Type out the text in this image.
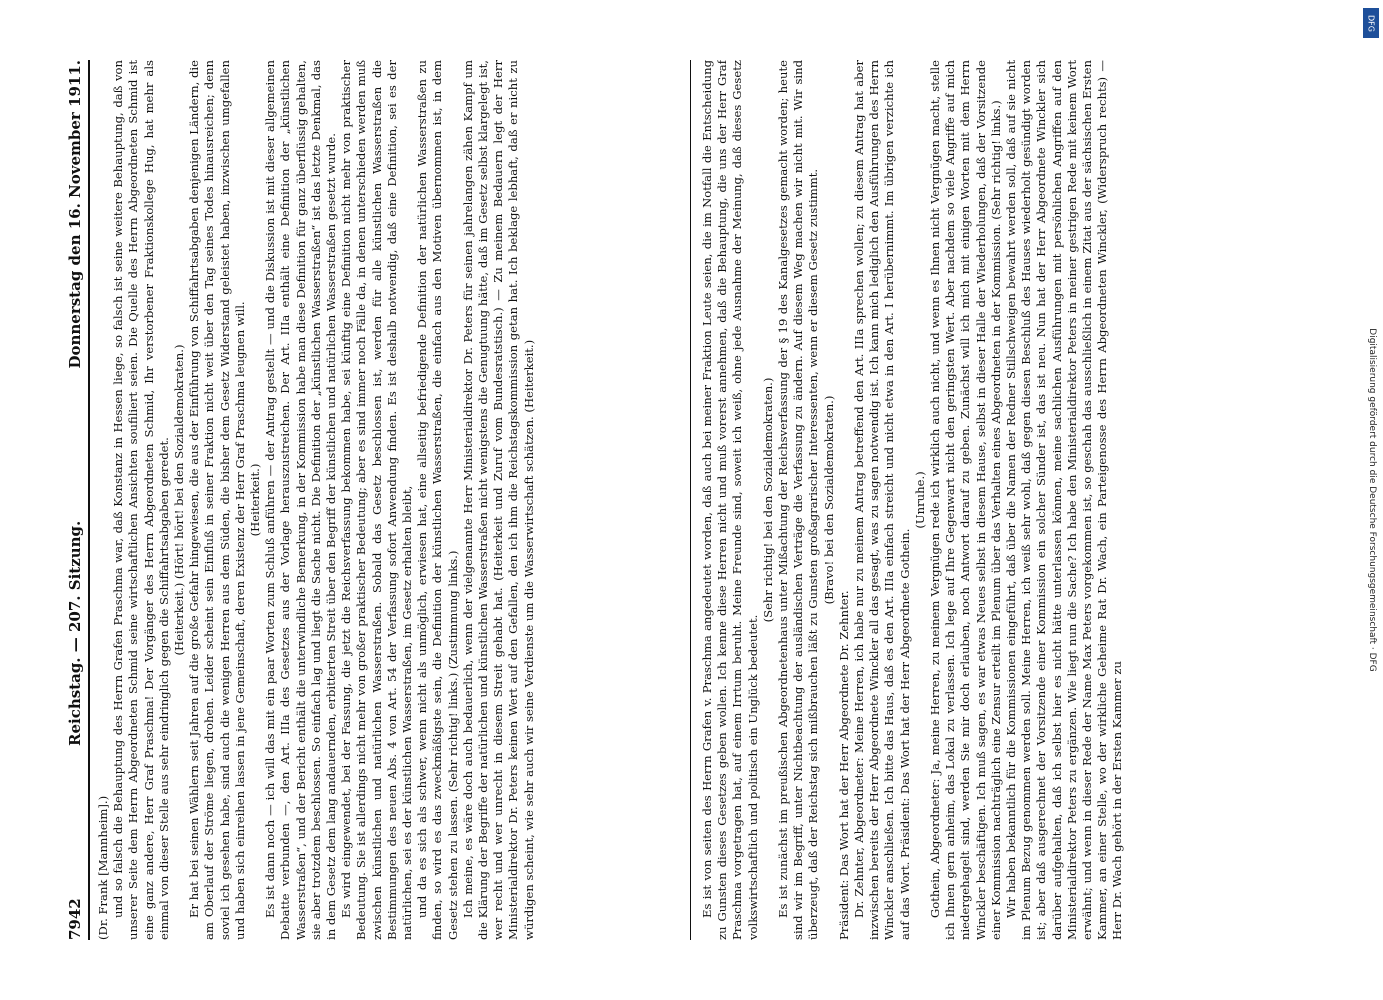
7942
Reichstag. — 207. Sitzung.
Donnerstag den 16. November 1911.

(Dr. Frank [Mannheim].) und so falsch die Behauptung des Herrn Grafen Praschma war, daß Konstanz in Hessen liege, so falsch ist seine weitere Behauptung, daß von unserer Seite dem Herrn Abgeordneten Schmid seine wirtschaftlichen Ansichten soufiliert seien. Die Quelle des Herrn Abgeordneten Schmid ist eine ganz andere, Herr Graf Praschma! Der Vorgänger des Herrn Abgeordneten Schmid, Ihr verstorbener Fraktionskollege Hug, hat mehr als einmal von dieser Stelle aus sehr eindringlich gegen die Schiffahrtsabgaben geredet. (Heiterkeit.) (Hört! hört! bei den Sozialdemokraten.) Er hat bei seinen Wählern seit Jahren auf die große Gefahr hingewiesen, die aus der Einführung von Schiffahrtsabgaben denjenigen Ländern, die am Oberlauf der Ströme liegen, drohen. Leider scheint sein Einfluß in seiner Fraktion nicht weit über den Tag seines Todes hinausreichen; denn soviel ich gesehen habe, sind auch die wenigen Herren aus dem Süden, die bisher dem Gesetz Widerstand geleistet haben, inzwischen umgefallen und haben sich einreihen lassen in jene Gemeinschaft, deren Existenz der Herr Graf Praschma leugnen will. (Heiterkeit.) Es ist dann noch — ich will das mit ein paar Worten zum Schluß anführen — der Antrag gestellt — und die Diskussion ist mit dieser allgemeinen Debatte verbunden —, den Art. IIIa des Gesetzes aus der Vorlage herauszustreichen. Der Art. IIIa enthält eine Definition der „künstlichen Wasserstraßen“, und der Bericht enthält die unterwindliche Bemerkung, in der Kommission habe man diese Definition für ganz überflüssig gehalten, sie aber trotzdem beschlossen. So einfach lag und liegt die Sache nicht. Die Definition der „künstlichen Wasserstraßen“ ist das letzte Denkmal, das in dem Gesetz dem lang andauernden, erbitterten Streit über den Begriff der künstlichen und natürlichen Wasserstraßen gesetzt wurde. Es wird eingewendet, bei der Fassung, die jetzt die Reichsverfassung bekommen habe, sei künftig eine Definition nicht mehr von praktischer Bedeutung. Sie ist allerdings nicht mehr von großer praktischer Bedeutung; aber es sind immer noch Fälle da, in denen unterschieden werden muß zwischen künstlichen und natürlichen Wasserstraßen. Sobald das Gesetz beschlossen ist, werden für alle künstlichen Wasserstraßen die Bestimmungen des neuen Abs. 4 von Art. 54 der Verfassung sofort Anwendung finden. Es ist deshalb notwendig, daß eine Definition, sei es der natürlichen, sei es der künstlichen Wasserstraßen, im Gesetz erhalten bleibt, und da es sich als schwer, wenn nicht als unmöglich, erwiesen hat, eine allseitig befriedigende Definition der natürlichen Wasserstraßen zu finden, so wird es das zweckmäßigste sein, die Definition der künstlichen Wasserstraßen, die einfach aus den Motiven übernommen ist, in dem Gesetz stehen zu lassen. (Sehr richtig! links.) (Zustimmung links.) Ich meine, es wäre doch auch bedauerlich, wenn der vielgenannte Herr Ministerialdirektor Dr. Peters für seinen jahrelangen zähen Kampf um die Klärung der Begriffe der natürlichen und künstlichen Wasserstraßen nicht wenigstens die Genugtuung hätte, daß im Gesetz selbst klargelegt ist, wer recht und wer unrecht in diesem Streit gehabt hat. (Heiterkeit und Zuruf vom Bundesratstisch.) — Zu meinem Bedauern legt der Herr Ministerialdirektor Dr. Peters keinen Wert auf den Gefallen, den ich ihm die Reichstagskommission getan hat. Ich beklage lebhaft, daß er nicht zu würdigen scheint, wie sehr auch wir seine Verdienste um die Wasserwirtschaft schätzen. (Heiterkeit.)	Es ist von seiten des Herrn Grafen v. Praschma angedeutet worden, daß auch bei meiner Fraktion Leute seien, die im Notfall die Entscheidung zu Gunsten dieses Gesetzes geben wollen. Ich kenne diese Herren nicht und muß vorerst annehmen, daß die Behauptung, die uns der Herr Graf Praschma vorgetragen hat, auf einem Irrtum beruht. Meine Freunde sind, soweit ich weiß, ohne jede Ausnahme der Meinung, daß dieses Gesetz volkswirtschaftlich und politisch ein Unglück bedeutet.

(Sehr richtig! bei den Sozialdemokraten.) Es ist zunächst im preußischen Abgeordnetenhaus unter Mißachtung der Reichsverfassung der § 19 des Kanalgesetzes gemacht worden; heute sind wir im Begriff, unter Nichtbeachtung der ausländischen Verträge die Verfassung zu ändern. Auf diesem Weg machen wir nicht mit. Wir sind überzeugt, daß der Reichstag sich mißbrauchen läßt zu Gunsten großagrarischer Interessenten, wenn er diesem Gesetz zustimmt. (Bravo! bei den Sozialdemokraten.)

Präsident: Das Wort hat der Herr Abgeordnete Dr. Zehnter. Dr. Zehnter, Abgeordneter: Meine Herren, ich habe nur zu meinem Antrag betreffend den Art. IIIa sprechen wollen; zu diesem Antrag hat aber inzwischen bereits der Herr Abgeordnete Winckler all das gesagt, was zu sagen notwendig ist. Ich kann mich lediglich den Ausführungen des Herrn Winckler anschließen. Ich bitte das Haus, daß es den Art. IIIa einfach streicht und nicht etwa in den Art. I herübernimmt. Im übrigen verzichte ich auf das Wort. Präsident: Das Wort hat der Herr Abgeordnete Gothein.

(Unruhe.) Gothein, Abgeordneter: Ja, meine Herren, zu meinem Vergnügen rede ich wirklich auch nicht, und wenn es Ihnen nicht Vergnügen macht, stelle ich Ihnen gern anheim, das Lokal zu verlassen. Ich lege auf Ihre Gegenwart nicht den geringsten Wert. Aber nachdem so viele Angriffe auf mich niedergehagelt sind, werden Sie mir doch erlauben, noch Antwort darauf zu geben. Zunächst will ich mich mit einigen Worten mit dem Herrn Winckler beschäftigen. Ich muß sagen, es war etwas Neues selbst in diesem Hause, selbst in dieser Halle der Wiederholungen, daß der Vorsitzende einer Kommission nachträglich eine Zensur erteilt im Plenum über das Verhalten eines Abgeordneten in der Kommission. (Sehr richtig! links.) Wir haben bekanntlich für die Kommissionen eingeführt, daß über die Namen der Redner Stillschweigen bewahrt werden soll, daß auf sie nicht im Plenum Bezug genommen werden soll. Meine Herren, ich weiß sehr wohl, daß gegen diesen Beschluß des Hauses wiederholt gesündigt worden ist; aber daß ausgerechnet der Vorsitzende einer Kommission ein solcher Sünder ist, das ist neu. Nun hat der Herr Abgeordnete Winckler sich darüber aufgehalten, daß ich selbst hier es nicht hätte unterlassen können, meine sachlichen Ausführungen mit persönlichen Angriffen auf den Ministerialdirektor Peters zu ergänzen. Wie liegt nun die Sache? Ich habe den Ministerialdirektor Peters in meiner gestrigen Rede mit keinem Wort erwähnt; und wenn in dieser Rede der Name Max Peters vorgekommen ist, so geschah das ausschließlich in einem Zitat aus der sächsischen Ersten Kammer, an einer Stelle, wo der wirkliche Geheime Rat Dr. Wach, ein Parteigenosse des Herrn Abgeordneten Winckler, (Widerspruch rechts) — Herr Dr. Wach gehört in der Ersten Kammer zu

DFG
Digitalisierung gefördert durch die Deutsche Forschungsgemeinschaft · DFG
